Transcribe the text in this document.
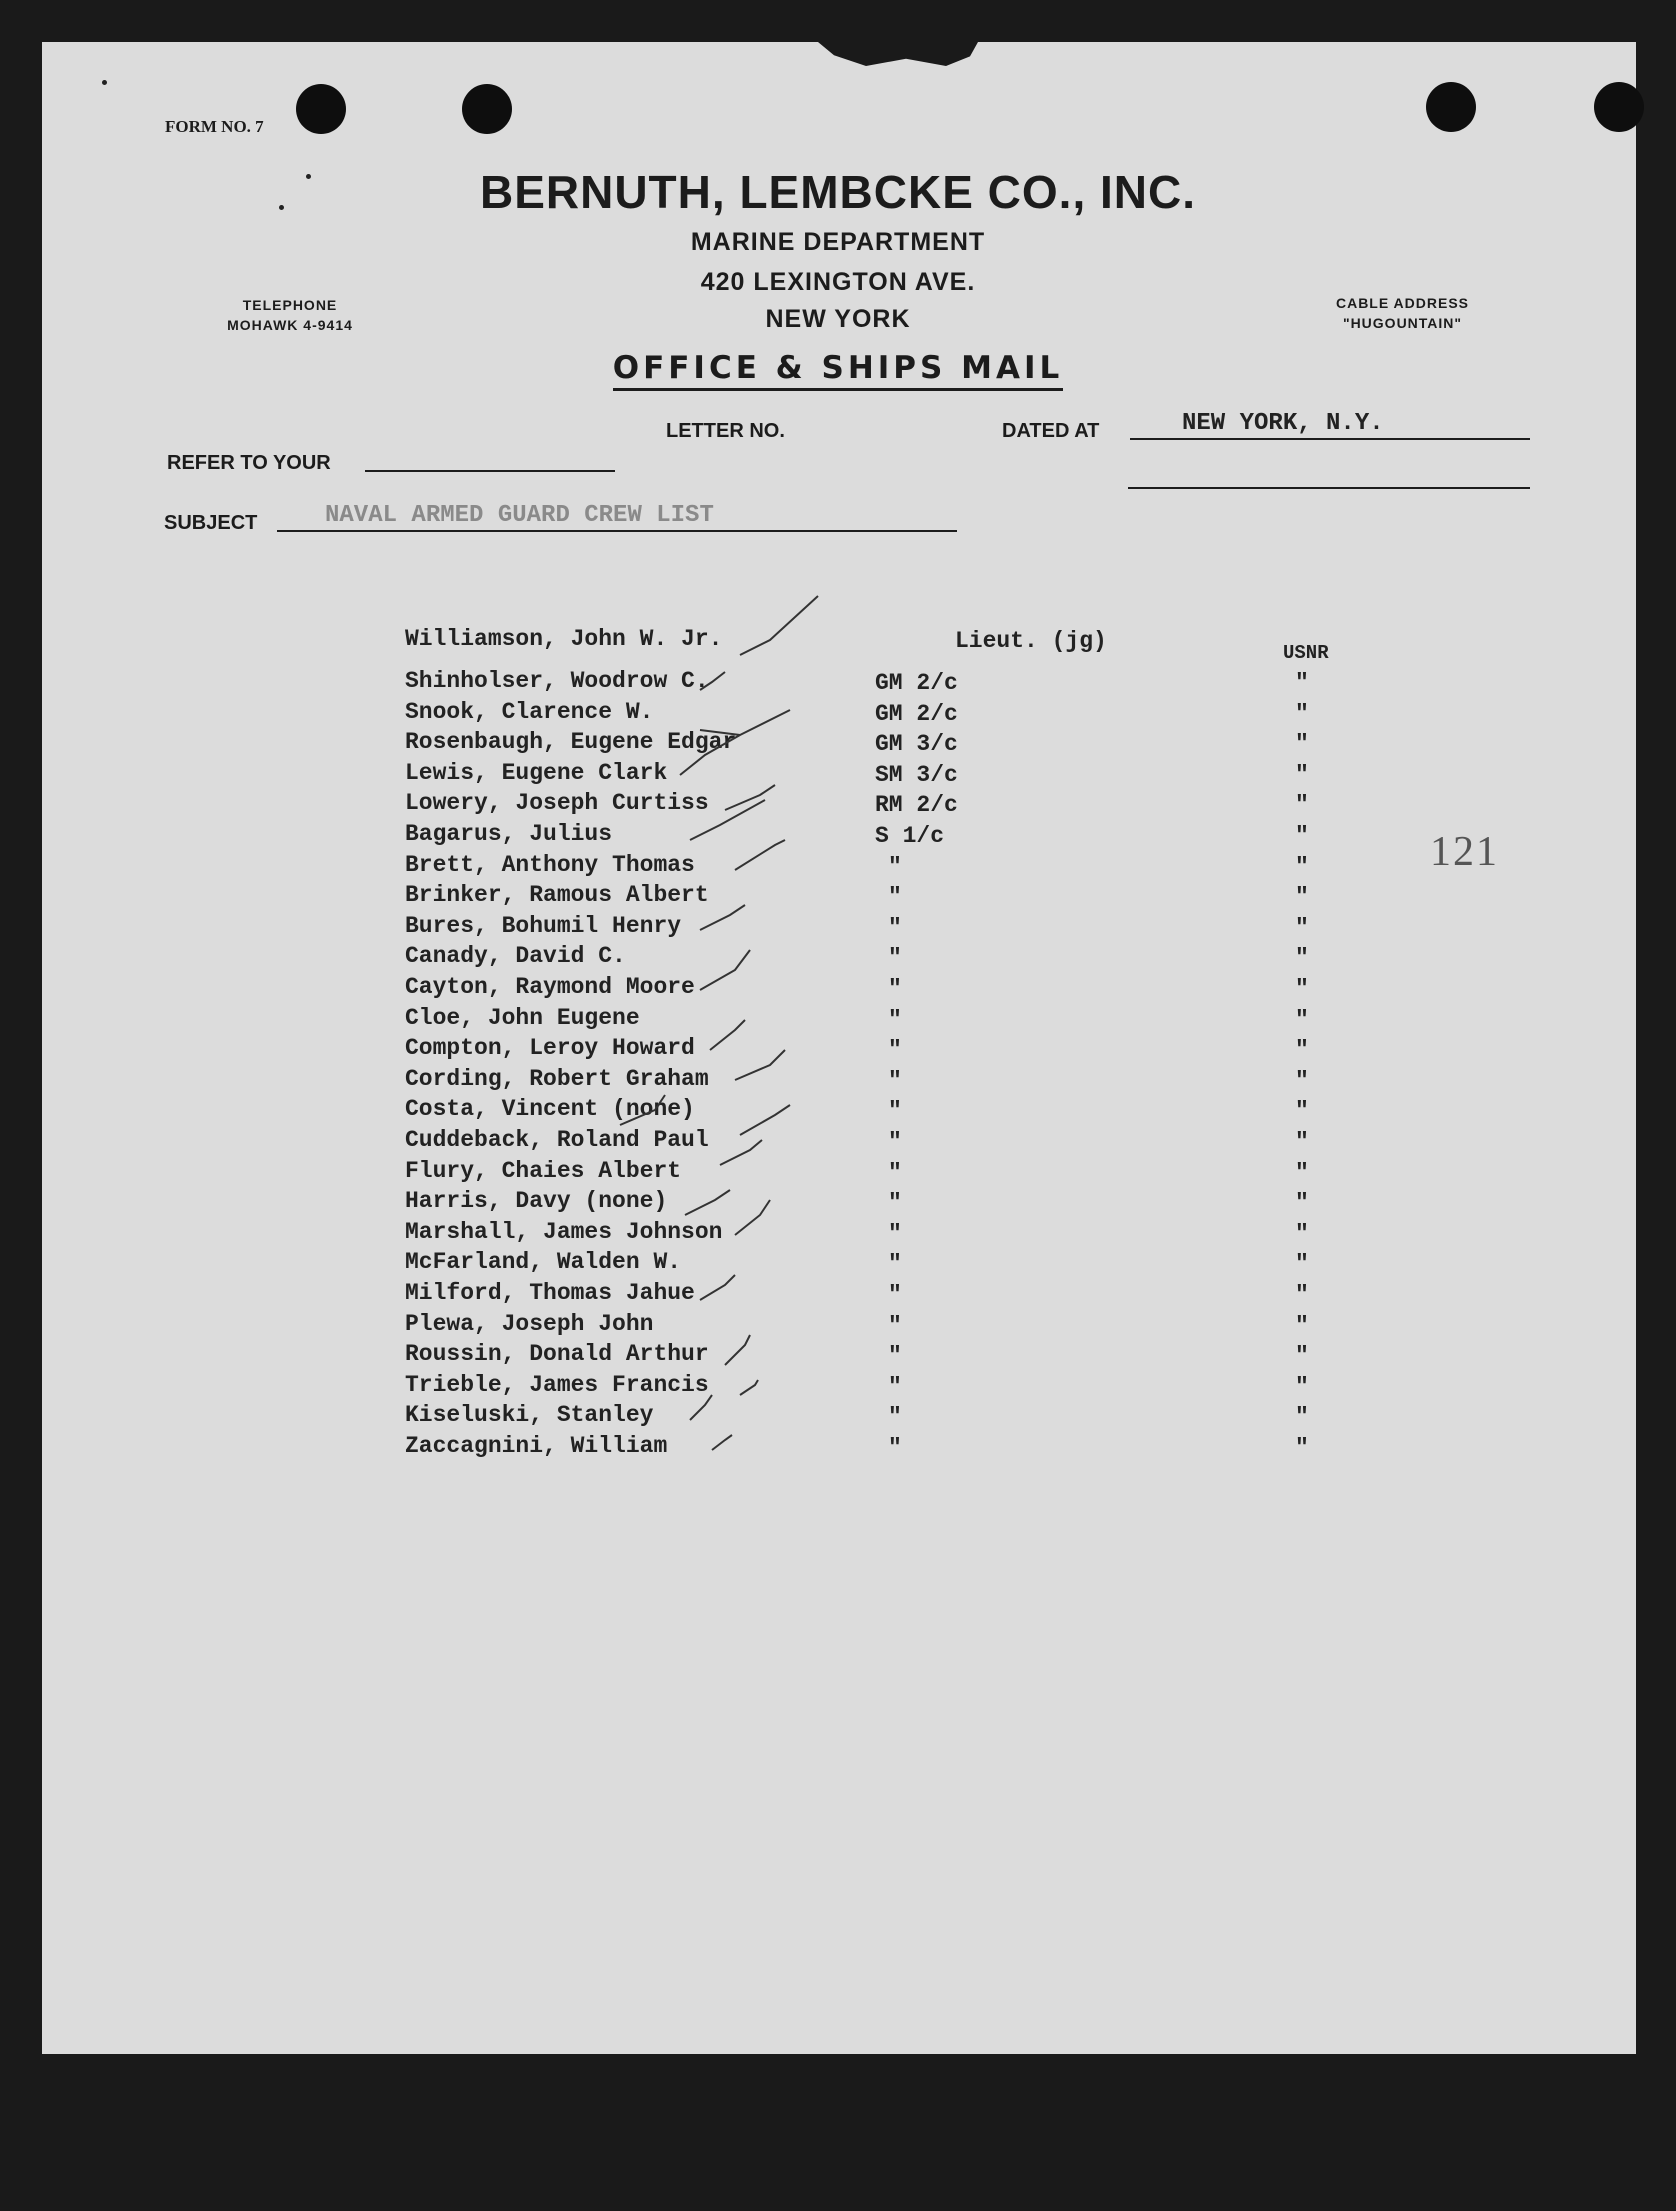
FORM NO. 7
BERNUTH, LEMBCKE CO., INC.
MARINE DEPARTMENT
420 LEXINGTON AVE.
NEW YORK
TELEPHONE
MOHAWK 4-9414
CABLE ADDRESS
"HUGOUNTAIN"
OFFICE & SHIPS MAIL
LETTER NO.	DATED AT	NEW YORK, N.Y.
REFER TO YOUR
SUBJECT	NAVAL ARMED GUARD CREW LIST
Williamson, John W. Jr.	Lieut. (jg)	USNR
Shinholser, Woodrow C.	GM 2/c	"
Snook, Clarence W.	GM 2/c	"
Rosenbaugh, Eugene Edgar	GM 3/c	"
Lewis, Eugene Clark	SM 3/c	"
Lowery, Joseph Curtiss	RM 2/c	"
Bagarus, Julius	S 1/c	"
Brett, Anthony Thomas	"	"
Brinker, Ramous Albert	"	"
Bures, Bohumil Henry	"	"
Canady, David C.	"	"
Cayton, Raymond Moore	"	"
Cloe, John Eugene	"	"
Compton, Leroy Howard	"	"
Cording, Robert Graham	"	"
Costa, Vincent (none)	"	"
Cuddeback, Roland Paul	"	"
Flury, Chaies Albert	"	"
Harris, Davy (none)	"	"
Marshall, James Johnson	"	"
McFarland, Walden W.	"	"
Milford, Thomas Jahue	"	"
Plewa, Joseph John	"	"
Roussin, Donald Arthur	"	"
Trieble, James Francis	"	"
Kiseluski, Stanley	"	"
Zaccagnini, William	"	"
121
